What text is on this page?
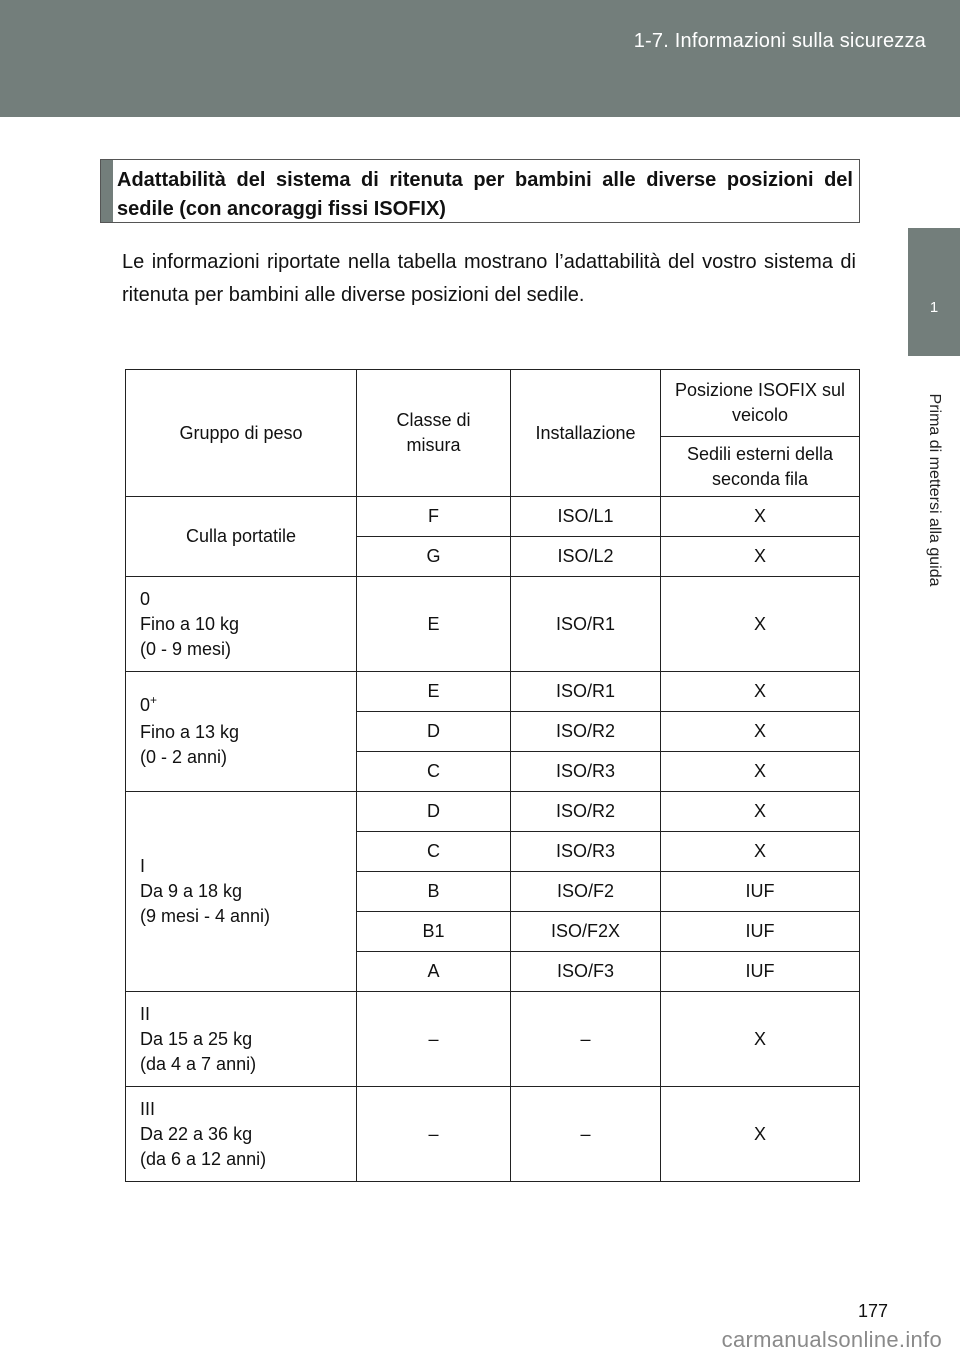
1-7. Informazioni sulla sicurezza
1
Prima di mettersi alla guida
Adattabilità del sistema di ritenuta per bambini alle diverse posizioni del sedile (con ancoraggi fissi ISOFIX)

Le informazioni riportate nella tabella mostrano l’adattabilità del vostro sistema di ritenuta per bambini alle diverse posizioni del sedile.

Gruppo di peso	Classe di misura	Installazione	Posizione ISOFIX sul veicolo
			Sedili esterni della seconda fila

Culla portatile	F	ISO/L1	X
	G	ISO/L2	X

0
Fino a 10 kg
(0 - 9 mesi)	E	ISO/R1	X
0+

Fino a 13 kg
(0 - 2 anni)	E	ISO/R1	X
	D	ISO/R2	X
	C	ISO/R3	X

I
Da 9 a 18 kg
(9 mesi - 4 anni)	D	ISO/R2	X
	C	ISO/R3	X
	B	ISO/F2	IUF
	B1	ISO/F2X	IUF
	A	ISO/F3	IUF

II
Da 15 a 25 kg
(da 4 a 7 anni)	–	–	X

III
Da 22 a 36 kg
(da 6 a 12 anni)	–	–	X
177
carmanualsonline.info
